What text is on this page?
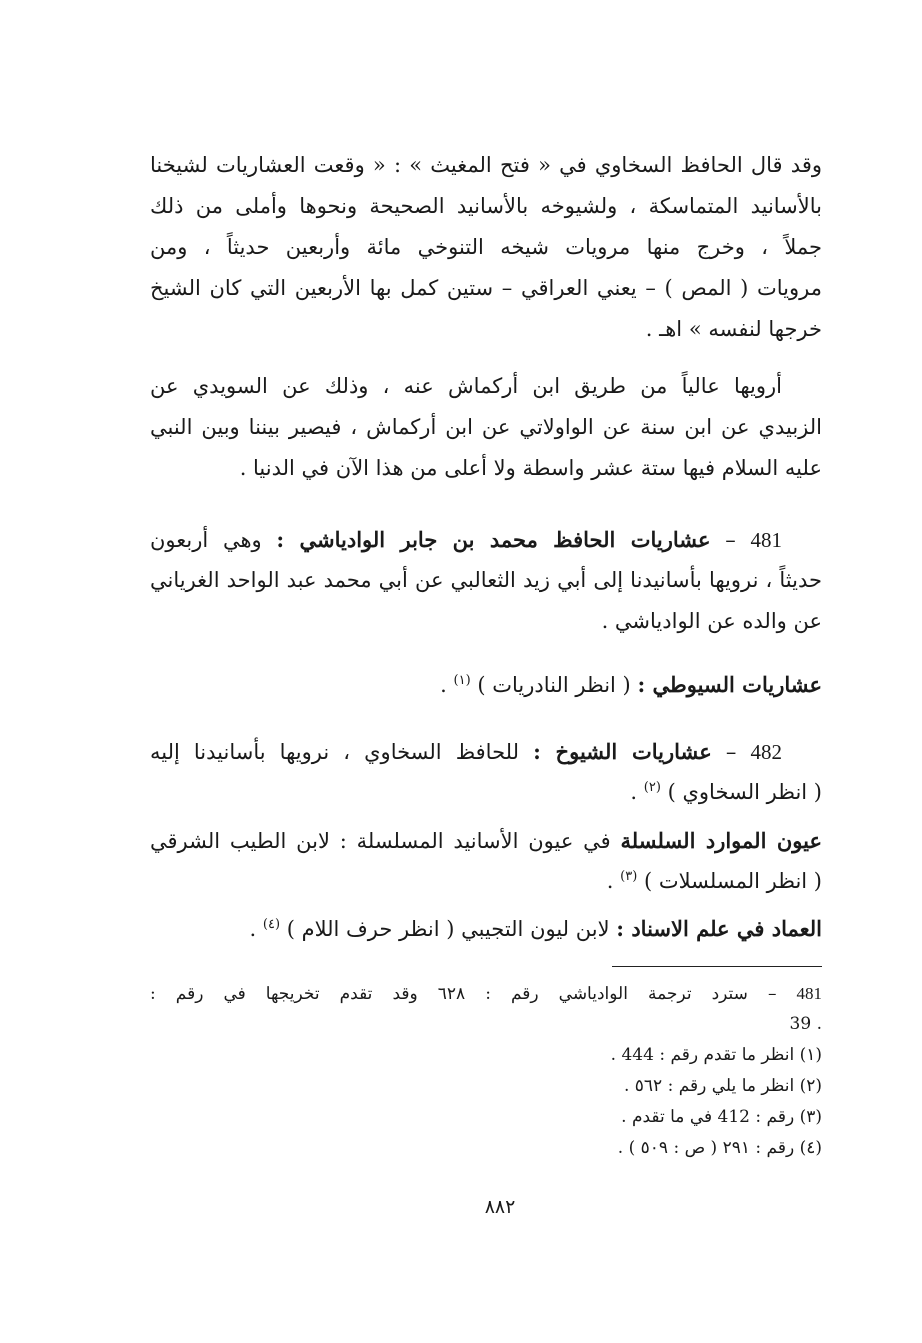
وقد قال الحافظ السخاوي في « فتح المغيث » : « وقعت العشاريات لشيخنا
بالأسانيد المتماسكة ، ولشيوخه بالأسانيد الصحيحة ونحوها وأملى من ذلك
جملاً ، وخرج منها مرويات شيخه التنوخي مائة وأربعين حديثاً ، ومن
مرويات ( المص ) – يعني العراقي – ستين كمل بها الأربعين التي كان الشيخ
خرجها لنفسه » اهـ .
أرويها عالياً من طريق ابن أركماش عنه ، وذلك عن السويدي عن
الزبيدي عن ابن سنة عن الواولاتي عن ابن أركماش ، فيصير بيننا وبين النبي
عليه السلام فيها ستة عشر واسطة ولا أعلى من هذا الآن في الدنيا .
481 – عشاريات الحافظ محمد بن جابر الوادياشي : وهي أربعون
حديثاً ، نرويها بأسانيدنا إلى أبي زيد الثعالبي عن أبي محمد عبد الواحد الغرياني
عن والده عن الوادياشي .
عشاريات السيوطي : ( انظر النادريات ) $^{(١)}$ .
482 – عشاريات الشيوخ : للحافظ السخاوي ، نرويها بأسانيدنا إليه
( انظر السخاوي ) $^{(٢)}$ .
عيون الموارد السلسلة في عيون الأسانيد المسلسلة : لابن الطيب الشرقي
( انظر المسلسلات ) $^{(٣)}$ .
العماد في علم الاسناد : لابن ليون التجيبي ( انظر حرف اللام ) $^{(٤)}$ .
481 – سترد ترجمة الوادياشي رقم : ٦٢٨ وقد تقدم تخريجها في رقم :
. 39
(١) انظر ما تقدم رقم : 444 .
(٢) انظر ما يلي رقم : ٥٦٢ .
(٣) رقم : 412 في ما تقدم .
(٤) رقم : ٢٩١ ( ص : ٥٠٩ ) .
٨٨٢
